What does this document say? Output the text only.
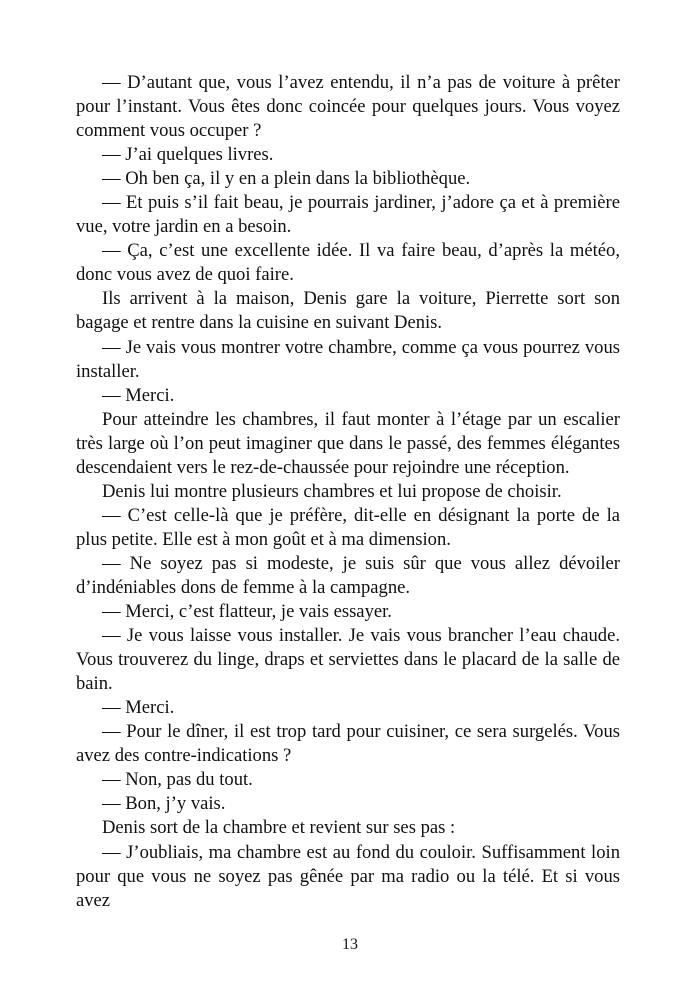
— D’autant que, vous l’avez entendu, il n’a pas de voiture à prêter pour l’instant. Vous êtes donc coincée pour quelques jours. Vous voyez comment vous occuper ?

— J’ai quelques livres.

— Oh ben ça, il y en a plein dans la bibliothèque.

— Et puis s’il fait beau, je pourrais jardiner, j’adore ça et à première vue, votre jardin en a besoin.

— Ça, c’est une excellente idée. Il va faire beau, d’après la météo, donc vous avez de quoi faire.

Ils arrivent à la maison, Denis gare la voiture, Pierrette sort son bagage et rentre dans la cuisine en suivant Denis.

— Je vais vous montrer votre chambre, comme ça vous pourrez vous installer.

— Merci.

Pour atteindre les chambres, il faut monter à l’étage par un escalier très large où l’on peut imaginer que dans le passé, des femmes élégantes descendaient vers le rez-de-chaussée pour rejoindre une réception.

Denis lui montre plusieurs chambres et lui propose de choisir.

— C’est celle-là que je préfère, dit-elle en désignant la porte de la plus petite. Elle est à mon goût et à ma dimension.

— Ne soyez pas si modeste, je suis sûr que vous allez dévoiler d’indéniables dons de femme à la campagne.

— Merci, c’est flatteur, je vais essayer.

— Je vous laisse vous installer. Je vais vous brancher l’eau chaude. Vous trouverez du linge, draps et serviettes dans le placard de la salle de bain.

— Merci.

— Pour le dîner, il est trop tard pour cuisiner, ce sera surgelés. Vous avez des contre-indications ?

— Non, pas du tout.

— Bon, j’y vais.

Denis sort de la chambre et revient sur ses pas :

— J’oubliais, ma chambre est au fond du couloir. Suffisamment loin pour que vous ne soyez pas gênée par ma radio ou la télé. Et si vous avez

13
